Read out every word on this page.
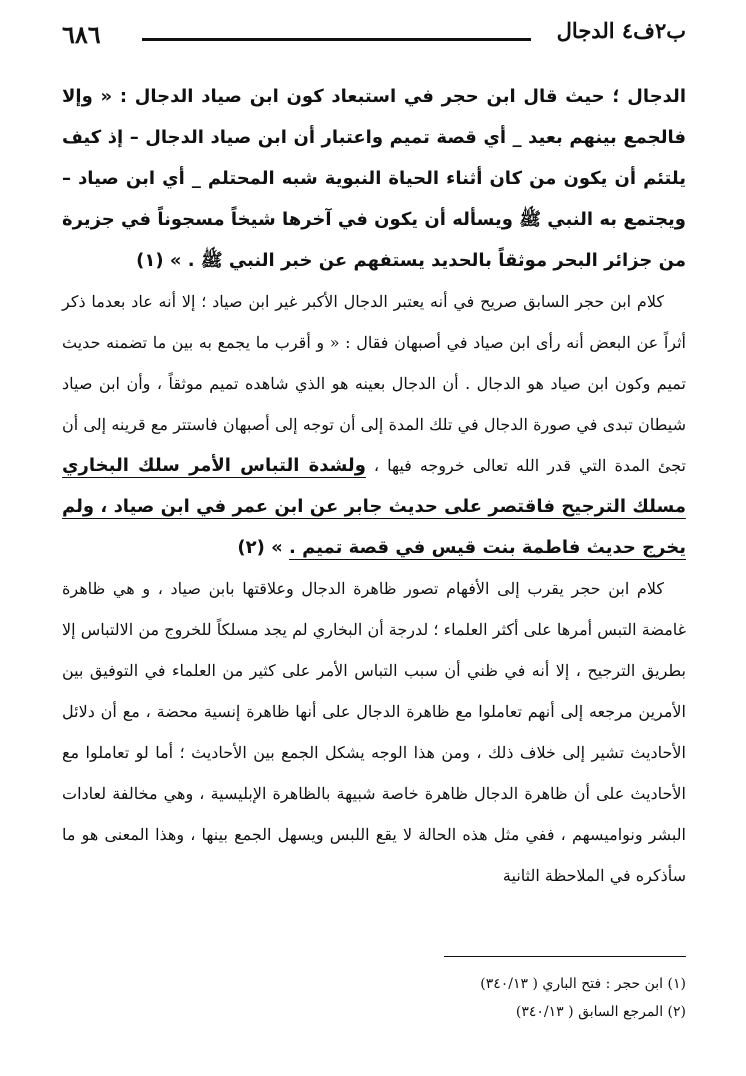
٦٨٦	ب٢ف٤ الدجال

الدجال ؛ حيث قال ابن حجر في استبعاد كون ابن صياد الدجال : « وإلا فالجمع بينهم بعيد _ أي قصة تميم واعتبار أن ابن صياد الدجال – إذ كيف يلتئم أن يكون من كان أثناء الحياة النبوية شبه المحتلم _ أي ابن صياد – ويجتمع به النبي ﷺ ويسأله أن يكون في آخرها شيخاً مسجوناً في جزيرة من جزائر البحر موثقاً بالحديد يستفهم عن خبر النبي ﷺ . » (١)

كلام ابن حجر السابق صريح في أنه يعتبر الدجال الأكبر غير ابن صياد ؛ إلا أنه عاد بعدما ذكر أثراً عن البعض أنه رأى ابن صياد في أصبهان فقال : « و أقرب ما يجمع به بين ما تضمنه حديث تميم وكون ابن صياد هو الدجال . أن الدجال بعينه هو الذي شاهده تميم موثقاً ، وأن ابن صياد شيطان تبدى في صورة الدجال في تلك المدة إلى أن توجه إلى أصبهان فاستتر مع قرينه إلى أن تجئ المدة التي قدر الله تعالى خروجه فيها ، ولشدة التباس الأمر سلك البخاري مسلك الترجيح فاقتصر على حديث جابر عن ابن عمر في ابن صياد ، ولم يخرج حديث فاطمة بنت قيس في قصة تميم . » (٢)

كلام ابن حجر يقرب إلى الأفهام تصور ظاهرة الدجال وعلاقتها بابن صياد ، و هي ظاهرة غامضة التبس أمرها على أكثر العلماء ؛ لدرجة أن البخاري لم يجد مسلكاً للخروج من الالتباس إلا بطريق الترجيح ، إلا أنه في ظني أن سبب التباس الأمر على كثير من العلماء في التوفيق بين الأمرين مرجعه إلى أنهم تعاملوا مع ظاهرة الدجال على أنها ظاهرة إنسية محضة ، مع أن دلائل الأحاديث تشير إلى خلاف ذلك ، ومن هذا الوجه يشكل الجمع بين الأحاديث ؛ أما لو تعاملوا مع الأحاديث على أن ظاهرة الدجال ظاهرة خاصة شبيهة بالظاهرة الإبليسية ، وهي مخالفة لعادات البشر ونواميسهم ، ففي مثل هذه الحالة لا يقع اللبس ويسهل الجمع بينها ، وهذا المعنى هو ما سأذكره في الملاحظة الثانية

(١) ابن حجر : فتح الباري ( ٣٤٠/١٣)
(٢) المرجع السابق ( ٣٤٠/١٣)
